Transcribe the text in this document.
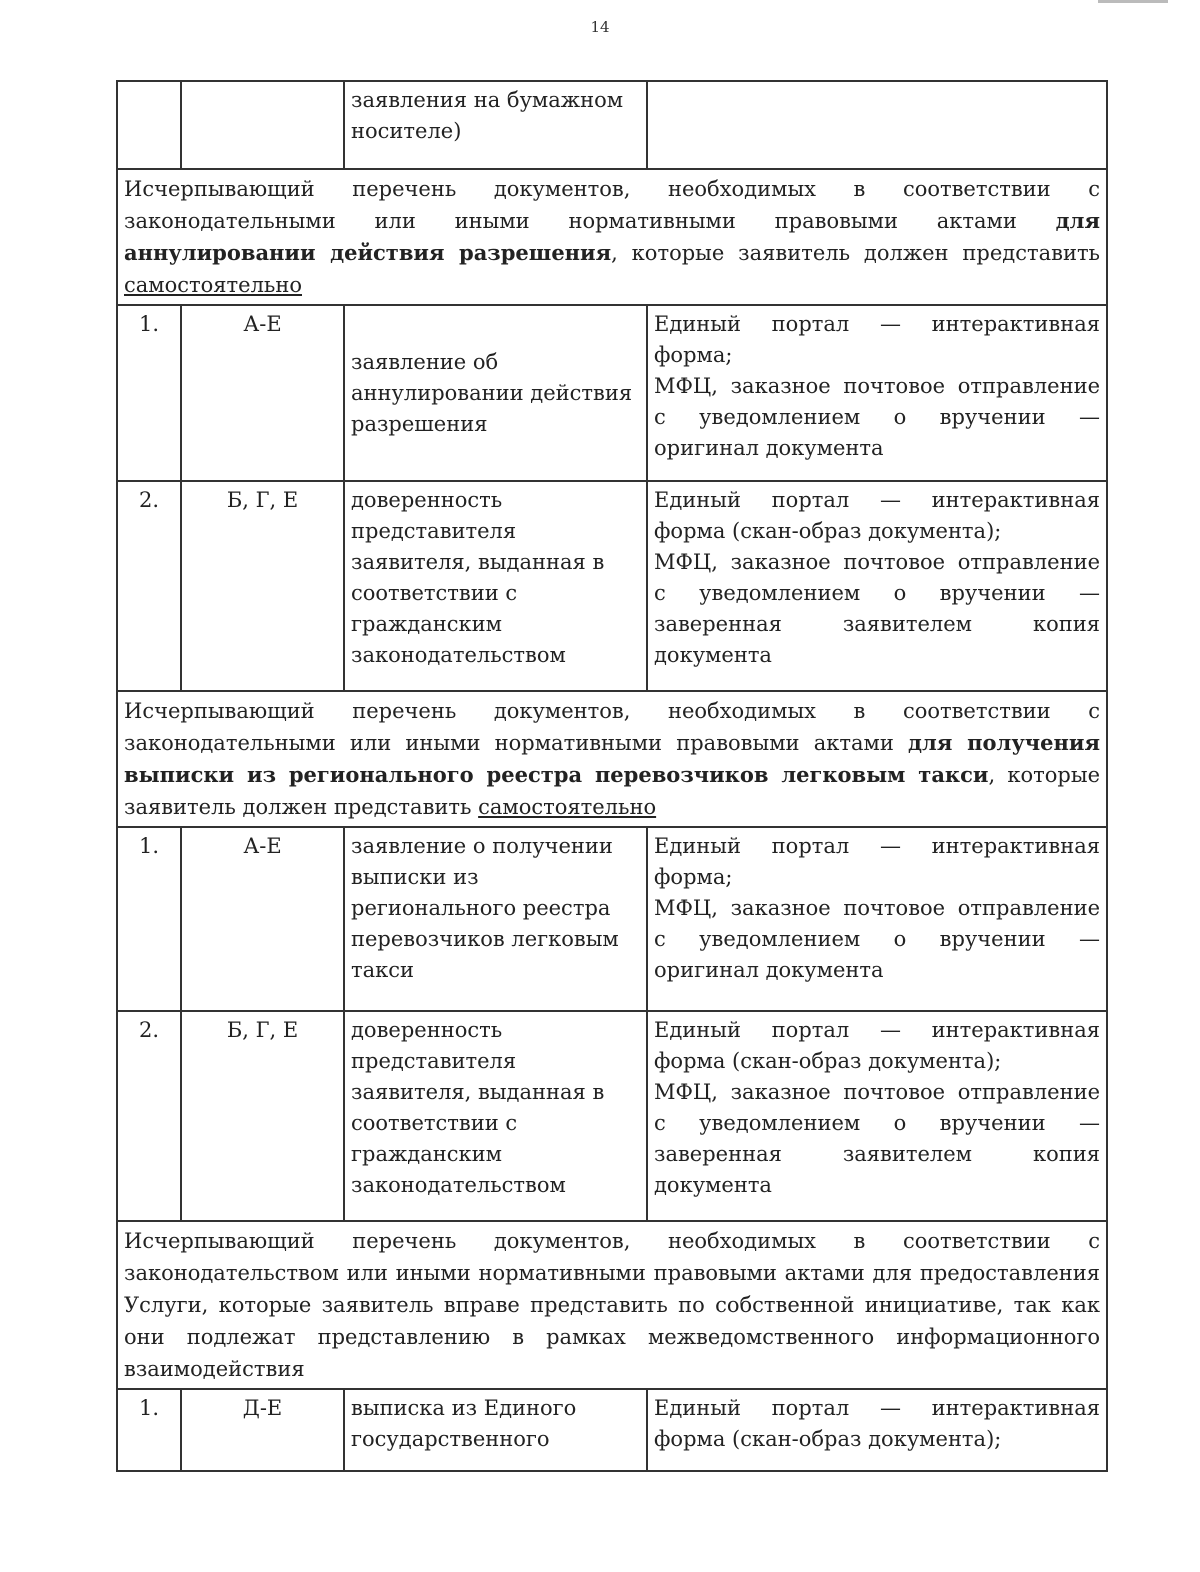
14
		заявления на бумажном носителе)	
Исчерпывающий перечень документов, необходимых в соответствии с законодательными или иными нормативными правовыми актами для аннулировании действия разрешения, которые заявитель должен представить самостоятельно			
1.	А-Е	заявление об аннулировании действия разрешения	Единый портал — интерактивная форма;
МФЦ, заказное почтовое отправление с уведомлением о вручении — оригинал документа

2.	Б, Г, Е	доверенность представителя заявителя, выданная в соответствии с гражданским законодательством	Единый портал — интерактивная форма (скан-образ документа);
МФЦ, заказное почтовое отправление с уведомлением о вручении — заверенная заявителем копия документа

Исчерпывающий перечень документов, необходимых в соответствии с законодательными или иными нормативными правовыми актами для получения выписки из регионального реестра перевозчиков легковым такси, которые заявитель должен представить самостоятельно			
1.	А-Е	заявление о получении выписки из регионального реестра перевозчиков легковым такси	Единый портал — интерактивная форма;
МФЦ, заказное почтовое отправление с уведомлением о вручении — оригинал документа

2.	Б, Г, Е	доверенность представителя заявителя, выданная в соответствии с гражданским законодательством	Единый портал — интерактивная форма (скан-образ документа);
МФЦ, заказное почтовое отправление с уведомлением о вручении — заверенная заявителем копия документа

Исчерпывающий перечень документов, необходимых в соответствии с законодательством или иными нормативными правовыми актами для предоставления Услуги, которые заявитель вправе представить по собственной инициативе, так как они подлежат представлению в рамках межведомственного информационного взаимодействия			
1.	Д-Е	выписка из Единого государственного	Единый портал — интерактивная форма (скан-образ документа);
